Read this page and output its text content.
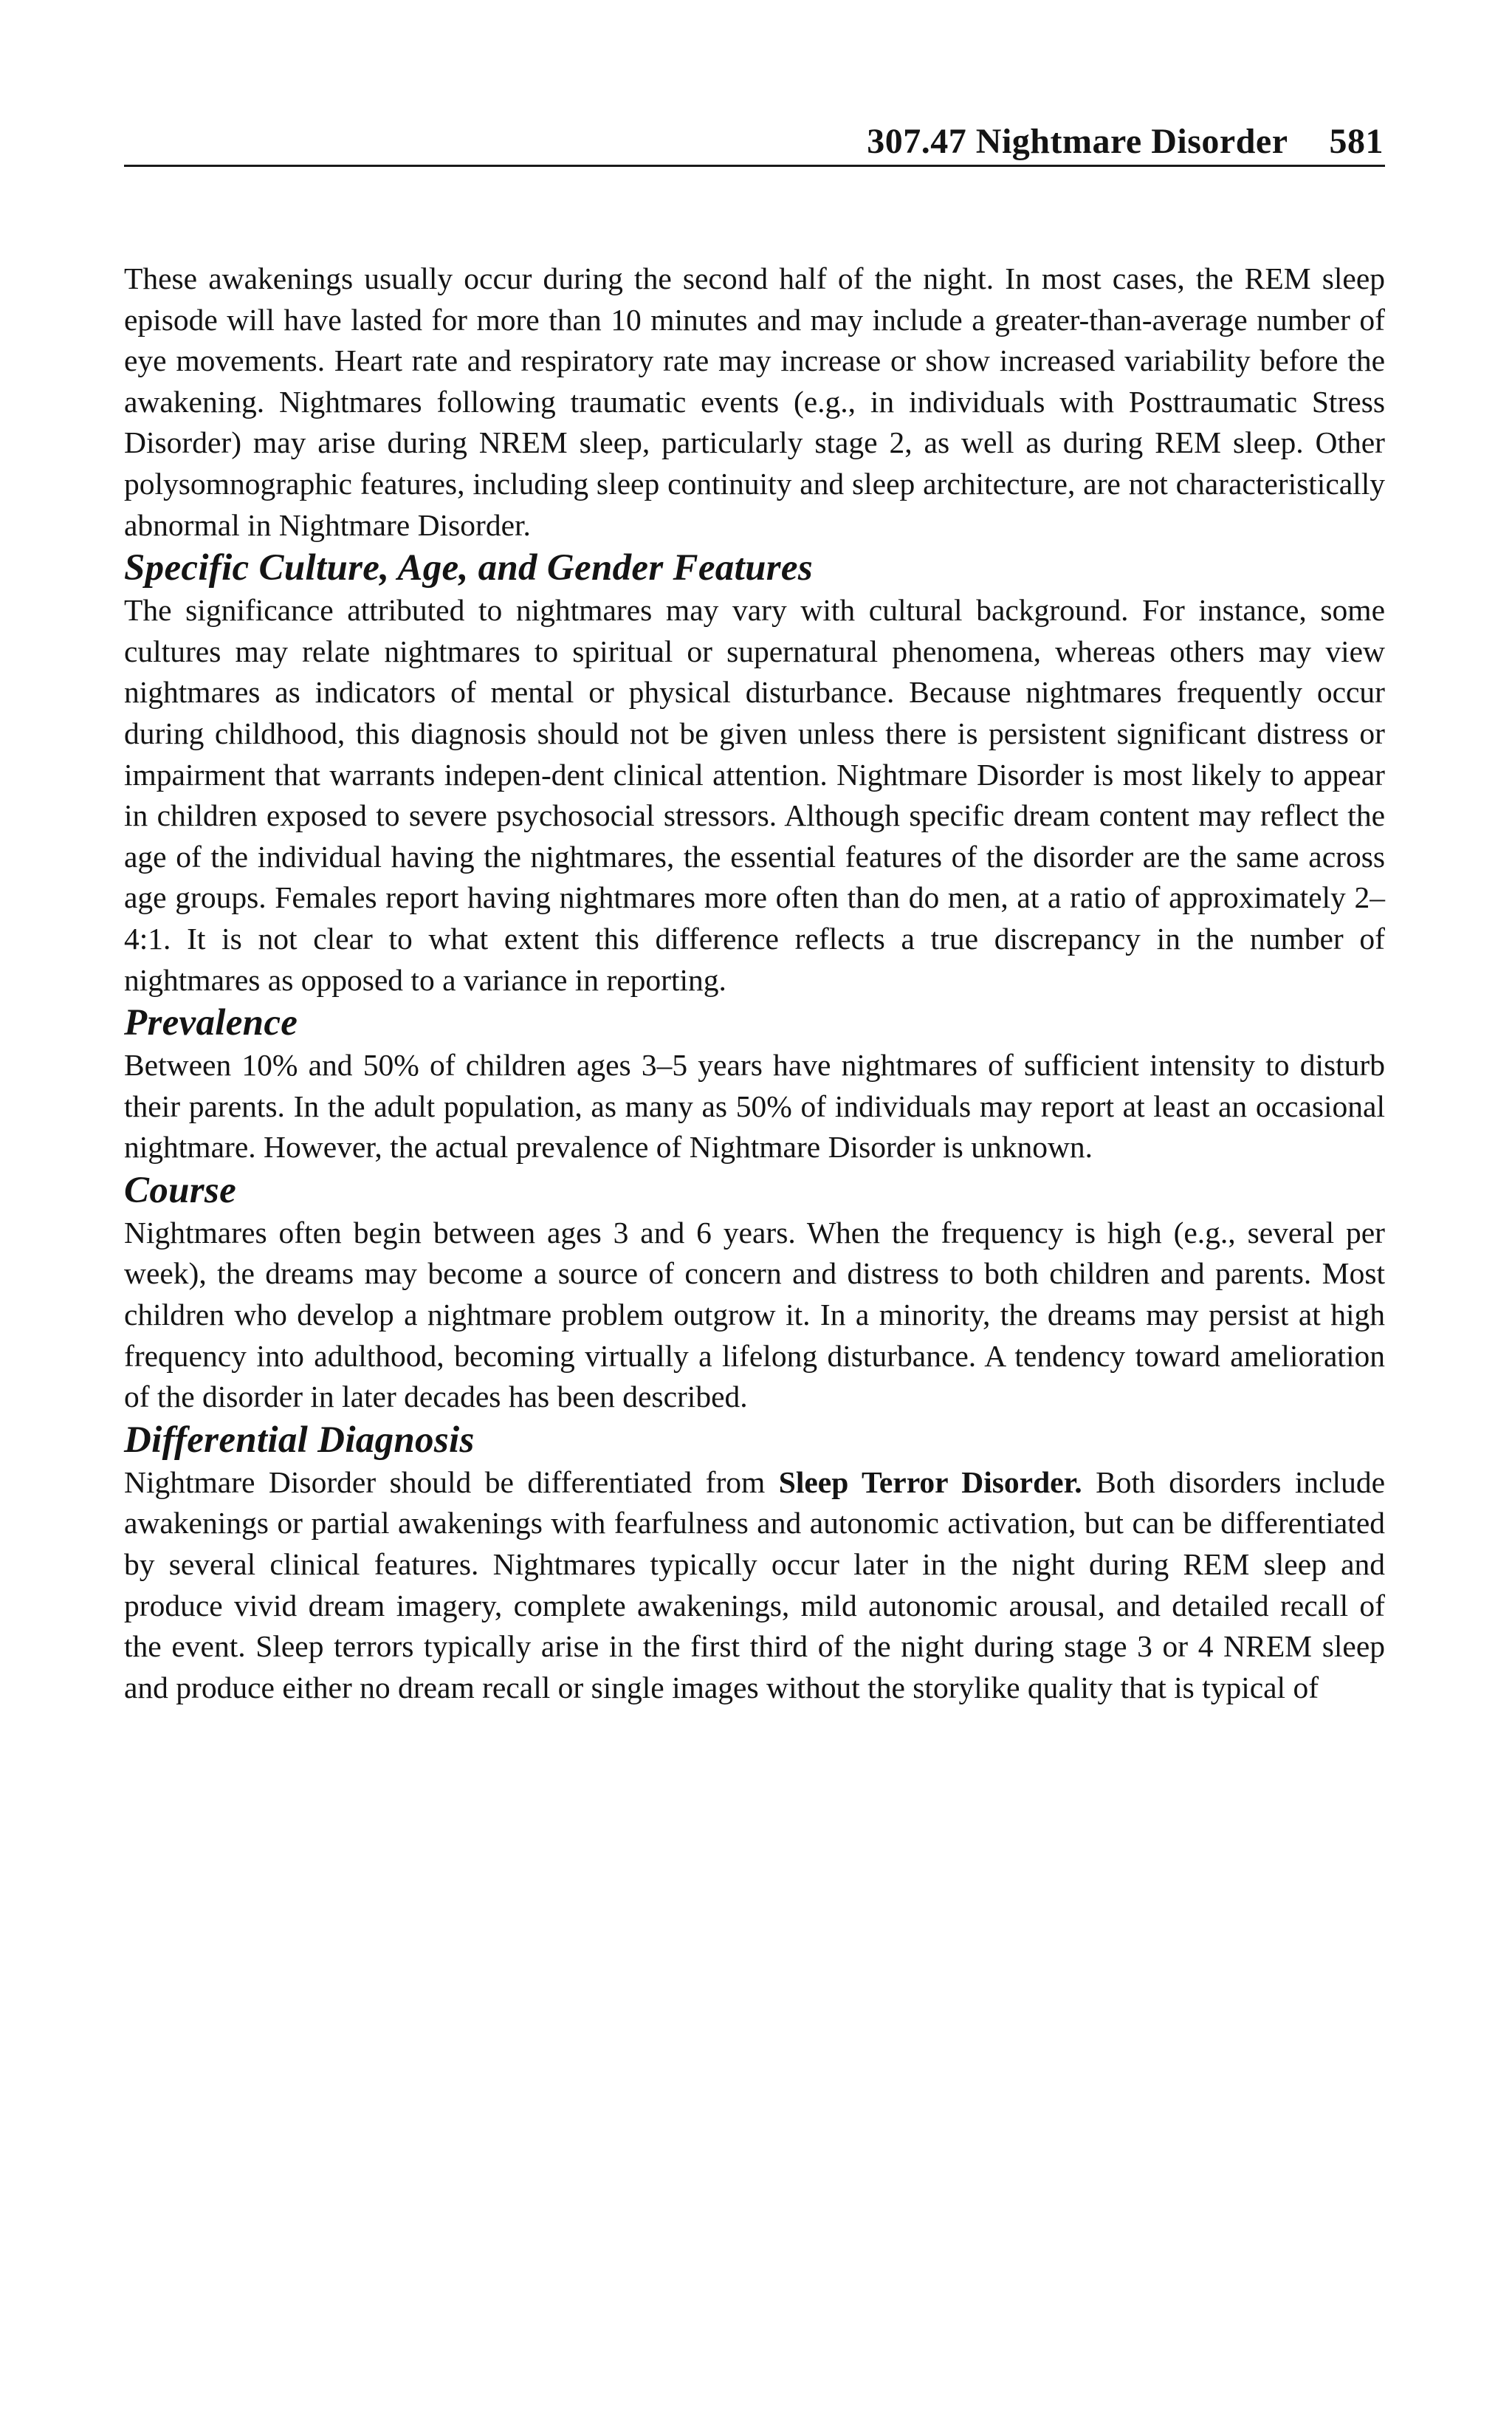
307.47 Nightmare Disorder 581

These awakenings usually occur during the second half of the night. In most cases, the REM sleep episode will have lasted for more than 10 minutes and may include a greater-than-average number of eye movements. Heart rate and respiratory rate may increase or show increased variability before the awakening. Nightmares following traumatic events (e.g., in individuals with Posttraumatic Stress Disorder) may arise during NREM sleep, particularly stage 2, as well as during REM sleep. Other polysomnographic features, including sleep continuity and sleep architecture, are not characteristically abnormal in Nightmare Disorder.

Specific Culture, Age, and Gender Features

The significance attributed to nightmares may vary with cultural background. For instance, some cultures may relate nightmares to spiritual or supernatural phenomena, whereas others may view nightmares as indicators of mental or physical disturbance. Because nightmares frequently occur during childhood, this diagnosis should not be given unless there is persistent significant distress or impairment that warrants indepen-dent clinical attention. Nightmare Disorder is most likely to appear in children exposed to severe psychosocial stressors. Although specific dream content may reflect the age of the individual having the nightmares, the essential features of the disorder are the same across age groups. Females report having nightmares more often than do men, at a ratio of approximately 2–4:1. It is not clear to what extent this difference reflects a true discrepancy in the number of nightmares as opposed to a variance in reporting.

Prevalence

Between 10% and 50% of children ages 3–5 years have nightmares of sufficient intensity to disturb their parents. In the adult population, as many as 50% of individuals may report at least an occasional nightmare. However, the actual prevalence of Nightmare Disorder is unknown.

Course

Nightmares often begin between ages 3 and 6 years. When the frequency is high (e.g., several per week), the dreams may become a source of concern and distress to both children and parents. Most children who develop a nightmare problem outgrow it. In a minority, the dreams may persist at high frequency into adulthood, becoming virtually a lifelong disturbance. A tendency toward amelioration of the disorder in later decades has been described.

Differential Diagnosis

Nightmare Disorder should be differentiated from Sleep Terror Disorder. Both disorders include awakenings or partial awakenings with fearfulness and autonomic activation, but can be differentiated by several clinical features. Nightmares typically occur later in the night during REM sleep and produce vivid dream imagery, complete awakenings, mild autonomic arousal, and detailed recall of the event. Sleep terrors typically arise in the first third of the night during stage 3 or 4 NREM sleep and produce either no dream recall or single images without the storylike quality that is typical of
